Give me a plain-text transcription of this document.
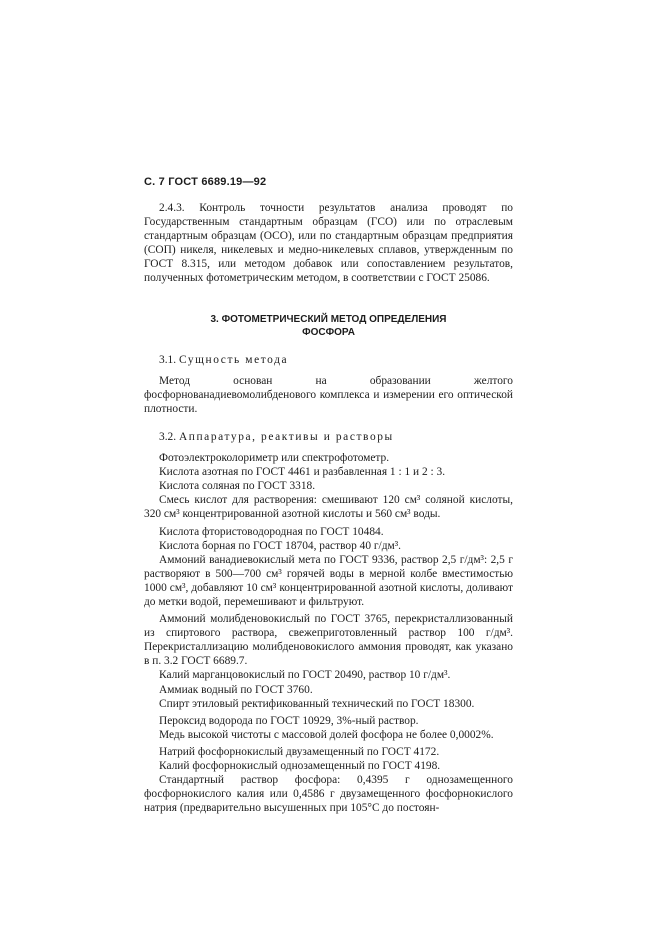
С. 7 ГОСТ 6689.19—92

2.4.3. Контроль точности результатов анализа проводят по Государственным стандартным образцам (ГСО) или по отраслевым стандартным образцам (ОСО), или по стандартным образцам предприятия (СОП) никеля, никелевых и медно-никелевых сплавов, утвержденным по ГОСТ 8.315, или методом добавок или сопоставлением результатов, полученных фотометрическим методом, в соответствии с ГОСТ 25086.

3. ФОТОМЕТРИЧЕСКИЙ МЕТОД ОПРЕДЕЛЕНИЯ
ФОСФОРА

3.1. Сущность метода

Метод основан на образовании желтого фосфорнованадиевомолибденового комплекса и измерении его оптической плотности.

3.2. Аппаратура, реактивы и растворы

Фотоэлектроколориметр или спектрофотометр.

Кислота азотная по ГОСТ 4461 и разбавленная 1 : 1 и 2 : 3.

Кислота соляная по ГОСТ 3318.

Смесь кислот для растворения: смешивают 120 см³ соляной кислоты, 320 см³ концентрированной азотной кислоты и 560 см³ воды.

Кислота фтористоводородная по ГОСТ 10484.

Кислота борная по ГОСТ 18704, раствор 40 г/дм³.

Аммоний ванадиевокислый мета по ГОСТ 9336, раствор 2,5 г/дм³: 2,5 г растворяют в 500—700 см³ горячей воды в мерной колбе вместимостью 1000 см³, добавляют 10 см³ концентрированной азотной кислоты, доливают до метки водой, перемешивают и фильтруют.

Аммоний молибденовокислый по ГОСТ 3765, перекристаллизованный из спиртового раствора, свежеприготовленный раствор 100 г/дм³. Перекристаллизацию молибденовокислого аммония проводят, как указано в п. 3.2 ГОСТ 6689.7.

Калий марганцовокислый по ГОСТ 20490, раствор 10 г/дм³.

Аммиак водный по ГОСТ 3760.

Спирт этиловый ректификованный технический по ГОСТ 18300.

Пероксид водорода по ГОСТ 10929, 3%-ный раствор.

Медь высокой чистоты с массовой долей фосфора не более 0,0002%.

Натрий фосфорнокислый двузамещенный по ГОСТ 4172.

Калий фосфорнокислый однозамещенный по ГОСТ 4198.

Стандартный раствор фосфора: 0,4395 г однозамещенного фосфорнокислого калия или 0,4586 г двузамещенного фосфорнокислого натрия (предварительно высушенных при 105°С до постоян-
